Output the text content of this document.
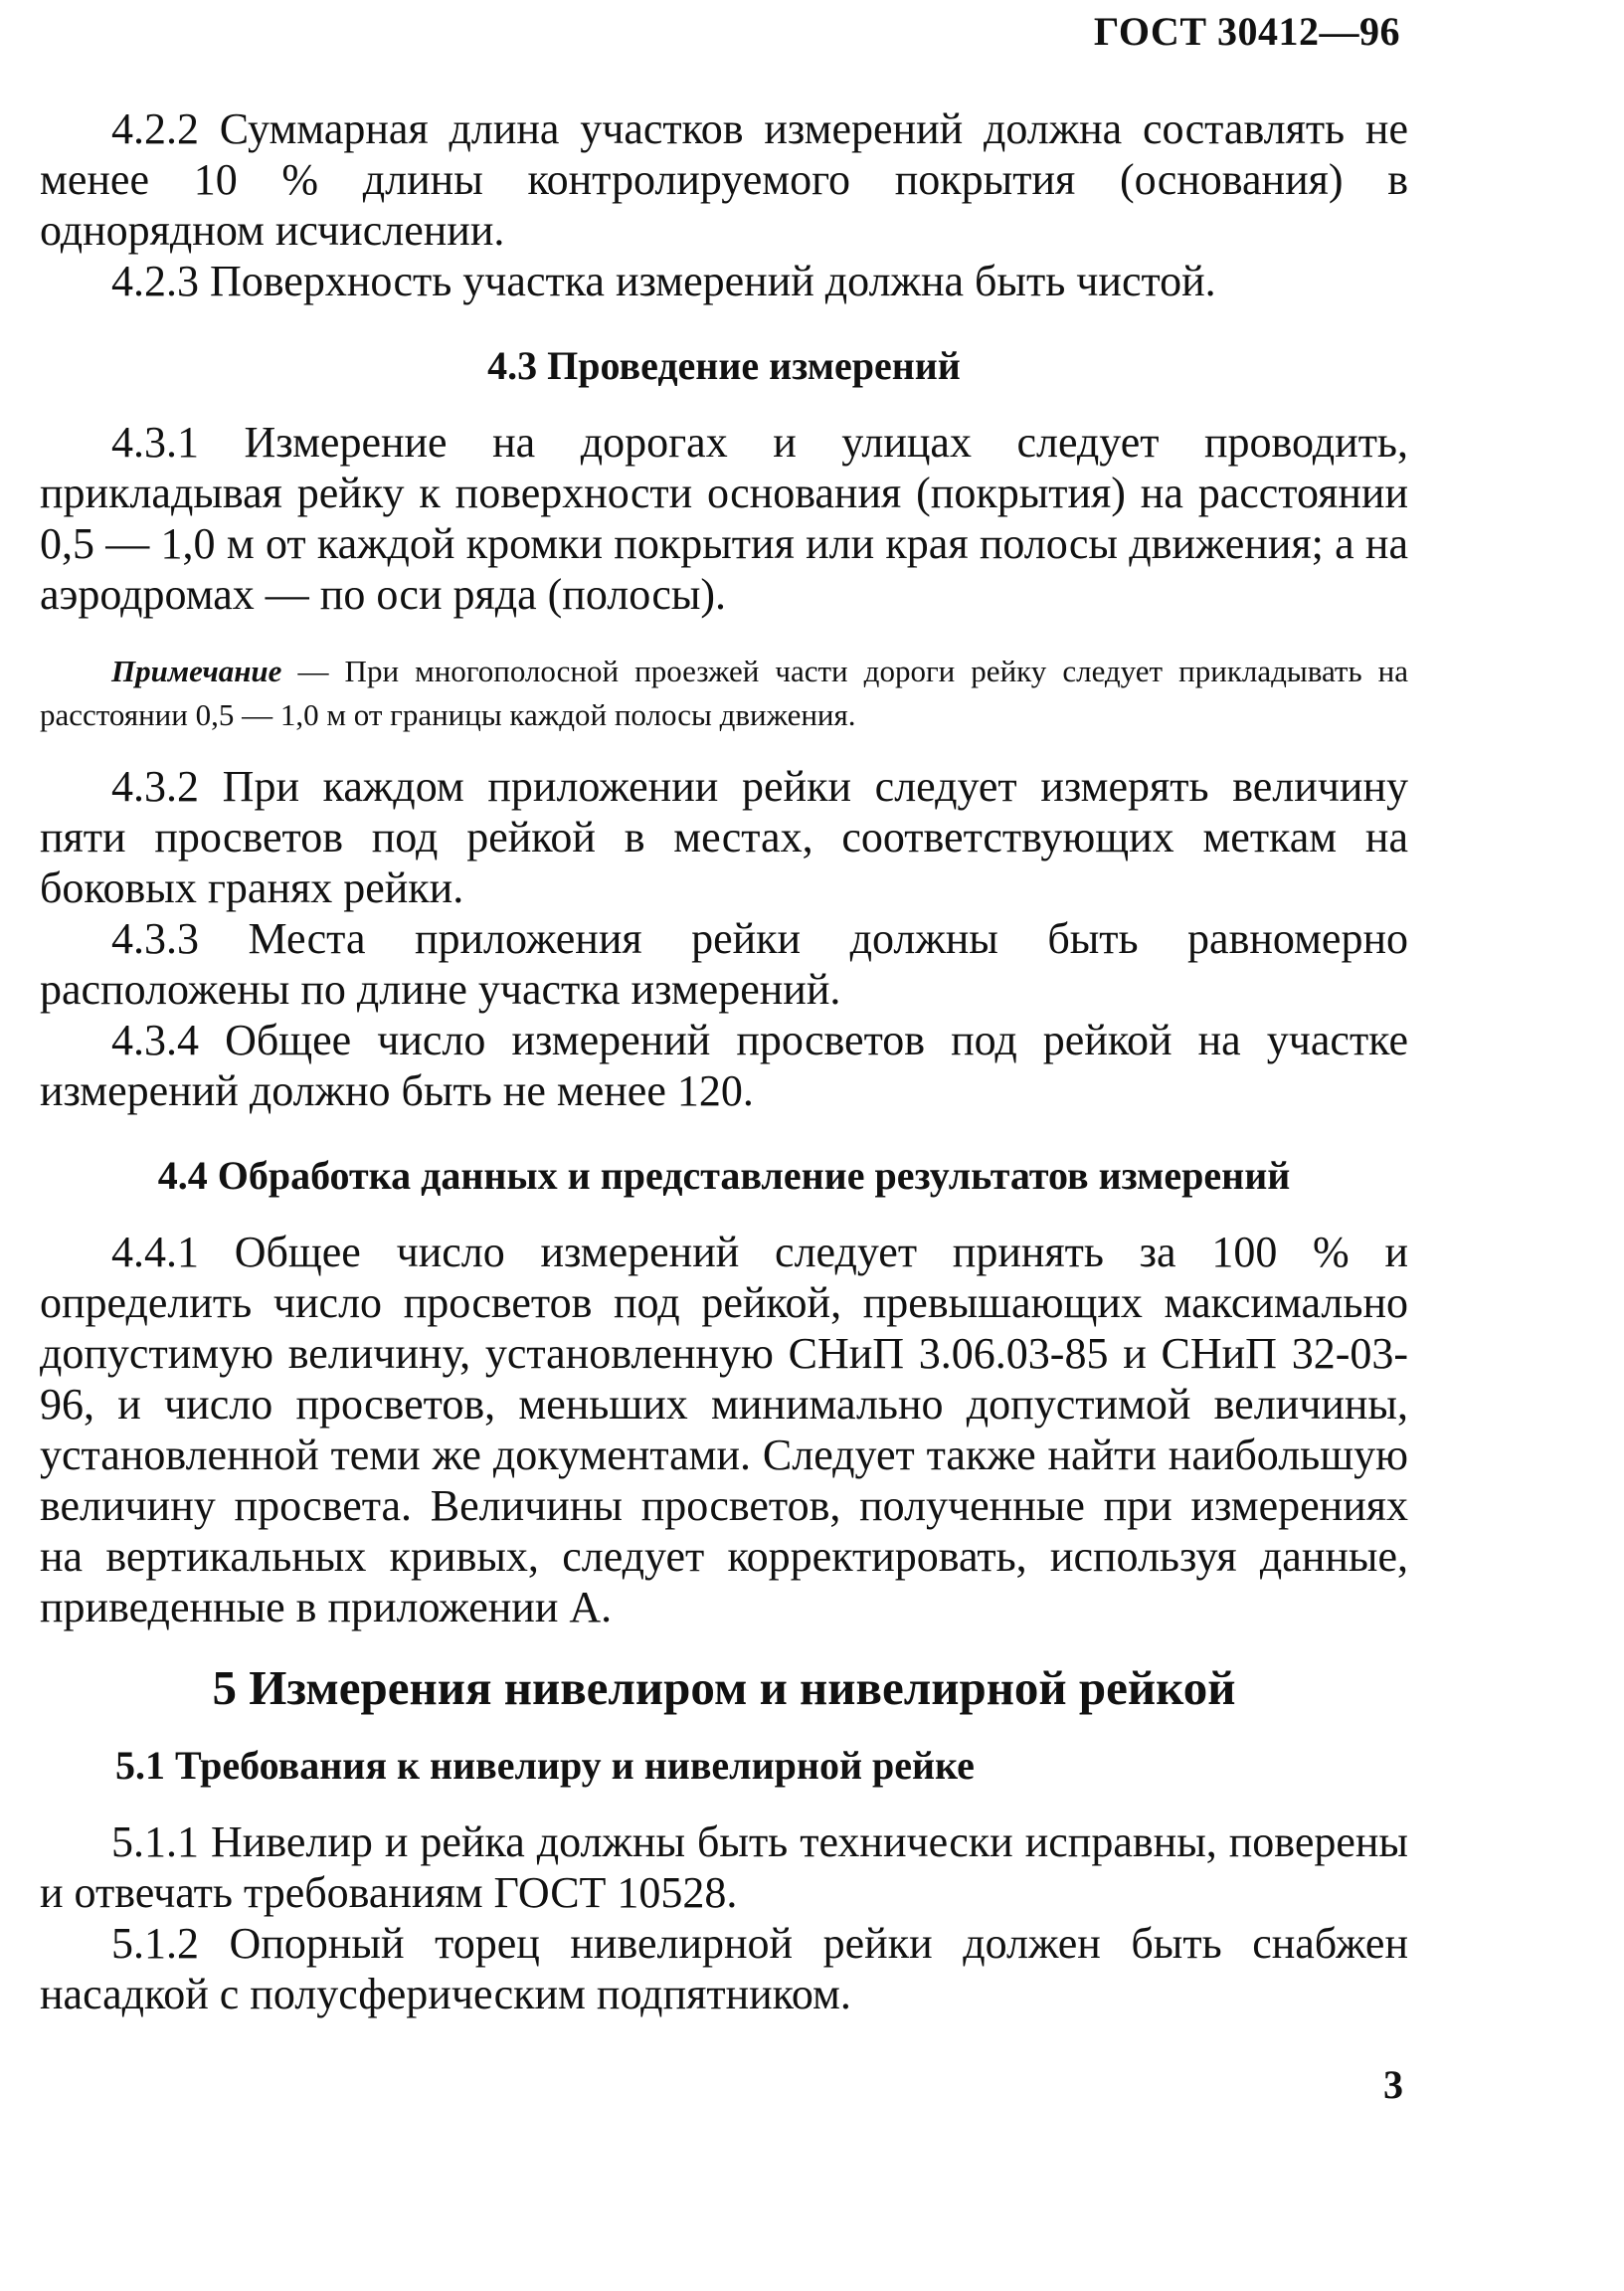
ГОСТ 30412—96

4.2.2 Суммарная длина участков измерений должна составлять не менее 10 % длины контролируемого покрытия (основания) в однорядном исчислении.

4.2.3 Поверхность участка измерений должна быть чистой.

4.3 Проведение измерений

4.3.1 Измерение на дорогах и улицах следует проводить, прикладывая рейку к поверхности основания (покрытия) на расстоянии 0,5 — 1,0 м от каждой кромки покрытия или края полосы движения; а на аэродромах — по оси ряда (полосы).

Примечание — При многополосной проезжей части дороги рейку следует прикладывать на расстоянии 0,5 — 1,0 м от границы каждой полосы движения.

4.3.2 При каждом приложении рейки следует измерять величину пяти просветов под рейкой в местах, соответствующих меткам на боковых гранях рейки.

4.3.3 Места приложения рейки должны быть равномерно расположены по длине участка измерений.

4.3.4 Общее число измерений просветов под рейкой на участке измерений должно быть не менее 120.

4.4 Обработка данных и представление результатов измерений

4.4.1 Общее число измерений следует принять за 100 % и определить число просветов под рейкой, превышающих максимально допустимую величину, установленную СНиП 3.06.03-85 и СНиП 32-03-96, и число просветов, меньших минимально допустимой величины, установленной теми же документами. Следует также найти наибольшую величину просвета. Величины просветов, полученные при измерениях на вертикальных кривых, следует корректировать, используя данные, приведенные в приложении А.

5 Измерения нивелиром и нивелирной рейкой
5.1 Требования к нивелиру и нивелирной рейке

5.1.1 Нивелир и рейка должны быть технически исправны, поверены и отвечать требованиям ГОСТ 10528.

5.1.2 Опорный торец нивелирной рейки должен быть снабжен насадкой с полусферическим подпятником.

3
